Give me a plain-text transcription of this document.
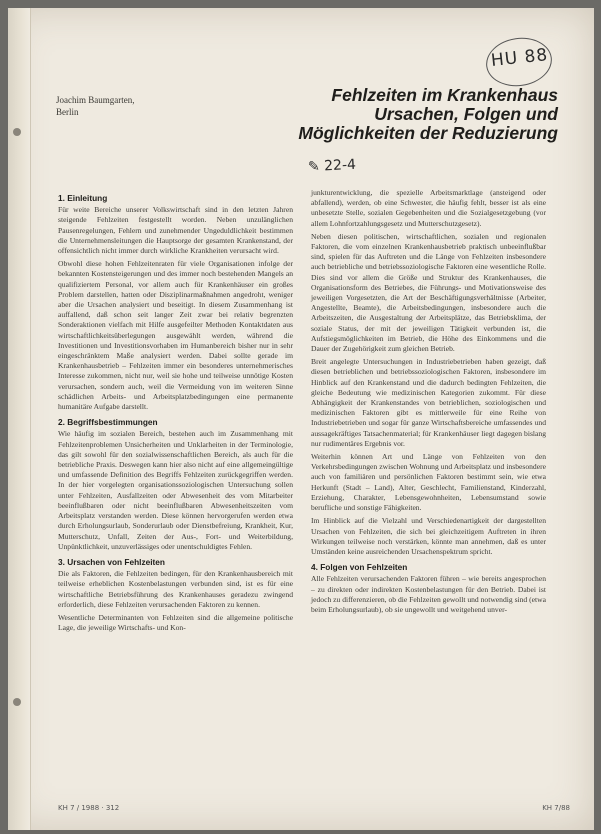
Joachim Baumgarten,
Berlin
HU 88
Fehlzeiten im Krankenhaus
Ursachen, Folgen und
Möglichkeiten der Reduzierung
✎ 22-4
1. Einleitung

Für weite Bereiche unserer Volkswirtschaft sind in den letzten Jahren steigende Fehlzeiten festgestellt worden. Neben unzulänglichen Pausenregelungen, Fehlern und zunehmender Ungeduldlichkeit bestimmen die Unternehmensleitungen die Hauptsorge der gesamten Krankenstand, der offensichtlich nicht immer durch wirkliche Krankheiten verursacht wird.

Obwohl diese hohen Fehlzeitenraten für viele Organisationen infolge der bekannten Kostensteigerungen und des immer noch bestehenden Mangels an qualifiziertem Personal, vor allem auch für Krankenhäuser ein großes Problem darstellen, hatten oder Disziplinarmaßnahmen angedroht, weniger aber die Ursachen analysiert und beseitigt. In diesem Zusammenhang ist auffallend, daß schon seit langer Zeit zwar bei relativ begrenzten Sonderaktionen vielfach mit Hilfe ausgefeilter Methoden Kontaktdaten aus wirtschaftlichkeitsüberlegungen ausgewählt werden, während die Investitionen und Investitionsvorhaben im Humanbereich bisher nur in sehr eingeschränktem Maße analysiert werden. Dabei sollte gerade im Krankenhausbetrieb – Fehlzeiten immer ein besonderes unternehmerisches Interesse zukommen, nicht nur, weil sie hohe und teilweise unnötige Kosten verursachen, sondern auch, weil die Vermeidung von im weiteren Sinne schädlichen Arbeits- und Arbeitsplatzbedingungen eine permanente humanitäre Aufgabe darstellt.

2. Begriffsbestimmungen

Wie häufig im sozialen Bereich, bestehen auch im Zusammenhang mit Fehlzeitenproblemen Unsicherheiten und Unklarheiten in der Terminologie, das gilt sowohl für den sozialwissenschaftlichen Bereich, als auch für die betriebliche Praxis. Deswegen kann hier also nicht auf eine allgemeingültige und umfassende Definition des Begriffs Fehlzeiten zurückgegriffen werden. In der hier vorgelegten organisationssoziologischen Untersuchung sollen unter Fehlzeiten, Ausfallzeiten oder Abwesenheit des vom Mitarbeiter beeinflußbaren oder nicht beeinflußbaren Abwesenheitszeiten vom Arbeitsplatz verstanden werden. Diese können hervorgerufen werden etwa durch Erholungsurlaub, Sonderurlaub oder Dienstbefreiung, Krankheit, Kur, Mutterschutz, Unfall, Zeiten der Aus-, Fort- und Weiterbildung, Unpünktlichkeit, unzuverlässiges oder unentschuldigtes Fehlen.

3. Ursachen von Fehlzeiten

Die als Faktoren, die Fehlzeiten bedingen, für den Krankenhausbereich mit teilweise erheblichen Kostenbelastungen verbunden sind, ist es für eine wirtschaftliche Betriebsführung des Krankenhauses geradezu zwingend erforderlich, diese Fehlzeiten verursachenden Faktoren zu kennen.

Wesentliche Determinanten von Fehlzeiten sind die allgemeine politische Lage, die jeweilige Wirtschafts- und Kon-

junkturentwicklung, die spezielle Arbeitsmarktlage (ansteigend oder abfallend), werden, ob eine Schwester, die häufig fehlt, besser ist als eine unbesetzte Stelle, sozialen Gegebenheiten und die Sozialgesetzgebung (vor allem Lohnfortzahlungsgesetz und Mutterschutzgesetz).

Neben diesen politischen, wirtschaftlichen, sozialen und regionalen Faktoren, die vom einzelnen Krankenhausbetrieb praktisch unbeeinflußbar sind, spielen für das Auftreten und die Länge von Fehlzeiten insbesondere auch betriebliche und betriebssoziologische Faktoren eine wesentliche Rolle. Dies sind vor allem die Größe und Struktur des Krankenhauses, die Organisationsform des Betriebes, die Führungs- und Motivationsweise des jeweiligen Vorgesetzten, die Art der Beschäftigungsverhältnisse (Arbeiter, Angestellte, Beamte), die Arbeitsbedingungen, insbesondere auch die Arbeitszeiten, die Ausgestaltung der Arbeitsplätze, das Betriebsklima, der soziale Status, der mit der jeweiligen Tätigkeit verbunden ist, die Aufstiegsmöglichkeiten im Betrieb, die Höhe des Einkommens und die Dauer der Zugehörigkeit zum gleichen Betrieb.

Breit angelegte Untersuchungen in Industriebetrieben haben gezeigt, daß diesen betrieblichen und betriebssoziologischen Faktoren, insbesondere im Hinblick auf den Krankenstand und die dadurch bedingten Fehlzeiten, die gleiche Bedeutung wie medizinischen Kategorien zukommt. Für diese Abhängigkeit der Krankenstandes von betrieblichen, soziologischen und medizinischen Faktoren gibt es mittlerweile für eine Reihe von Industriebetrieben und sogar für ganze Wirtschaftsbereiche umfassendes und aussagekräftiges Tatsachenmaterial; für Krankenhäuser liegt dagegen bislang nur rudimentäres Ergebnis vor.

Weiterhin können Art und Länge von Fehlzeiten von den Verkehrsbedingungen zwischen Wohnung und Arbeitsplatz und insbesondere auch von familiären und persönlichen Faktoren bestimmt sein, wie etwa Herkunft (Stadt – Land), Alter, Geschlecht, Familienstand, Kinderzahl, Erziehung, Charakter, Lebensgewohnheiten, Lebensumstand sowie berufliche und sonstige Fähigkeiten.

Im Hinblick auf die Vielzahl und Verschiedenartigkeit der dargestellten Ursachen von Fehlzeiten, die sich bei gleichzeitigem Auftreten in ihren Wirkungen teilweise noch verstärken, könnte man annehmen, daß es unter Umständen keine ausreichenden Ursachenspektrum spricht.

4. Folgen von Fehlzeiten

Alle Fehlzeiten verursachenden Faktoren führen – wie bereits angesprochen – zu direkten oder indirekten Kostenbelastungen für den Betrieb. Dabei ist jedoch zu differenzieren, ob die Fehlzeiten gewollt und notwendig sind (etwa beim Erholungsurlaub), ob sie ungewollt und weitgehend unver-

KH 7 / 1988 · 312	KH 7/88
